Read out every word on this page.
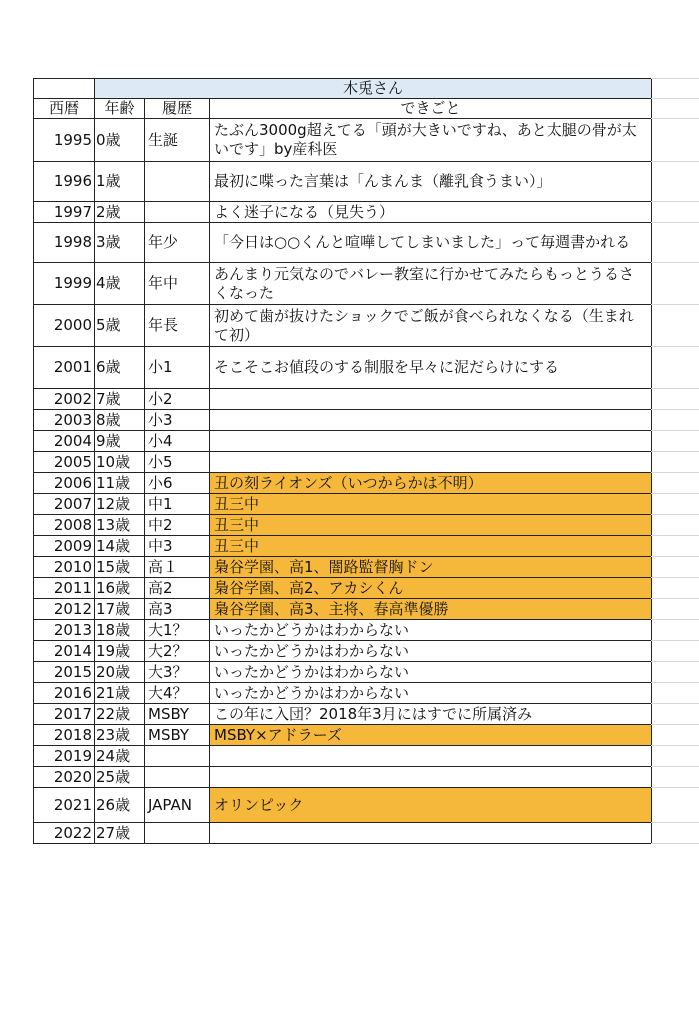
	木兎さん		
西暦	年齢	履歴	できごと
1995	0歳	生誕	たぶん3000g超えてる「頭が大きいですね、あと太腿の骨が太いです」by産科医
1996	1歳		最初に喋った言葉は「んまんま（離乳食うまい）」
1997	2歳		よく迷子になる（見失う）
1998	3歳	年少	「今日は○○くんと喧嘩してしまいました」って毎週書かれる
1999	4歳	年中	あんまり元気なのでバレー教室に行かせてみたらもっとうるさくなった
2000	5歳	年長	初めて歯が抜けたショックでご飯が食べられなくなる（生まれて初）
2001	6歳	小1	そこそこお値段のする制服を早々に泥だらけにする
2002	7歳	小2	
2003	8歳	小3	
2004	9歳	小4	
2005	10歳	小5	
2006	11歳	小6	丑の刻ライオンズ（いつからかは不明）
2007	12歳	中1	丑三中
2008	13歳	中2	丑三中
2009	14歳	中3	丑三中
2010	15歳	高１	梟谷学園、高1、闇路監督胸ドン
2011	16歳	高2	梟谷学園、高2、アカシくん
2012	17歳	高3	梟谷学園、高3、主将、春高準優勝
2013	18歳	大1？	いったかどうかはわからない
2014	19歳	大2？	いったかどうかはわからない
2015	20歳	大3？	いったかどうかはわからない
2016	21歳	大4？	いったかどうかはわからない
2017	22歳	MSBY	この年に入団？2018年3月にはすでに所属済み
2018	23歳	MSBY	MSBY×アドラーズ
2019	24歳		
2020	25歳		
2021	26歳	JAPAN	オリンピック
2022	27歳		
